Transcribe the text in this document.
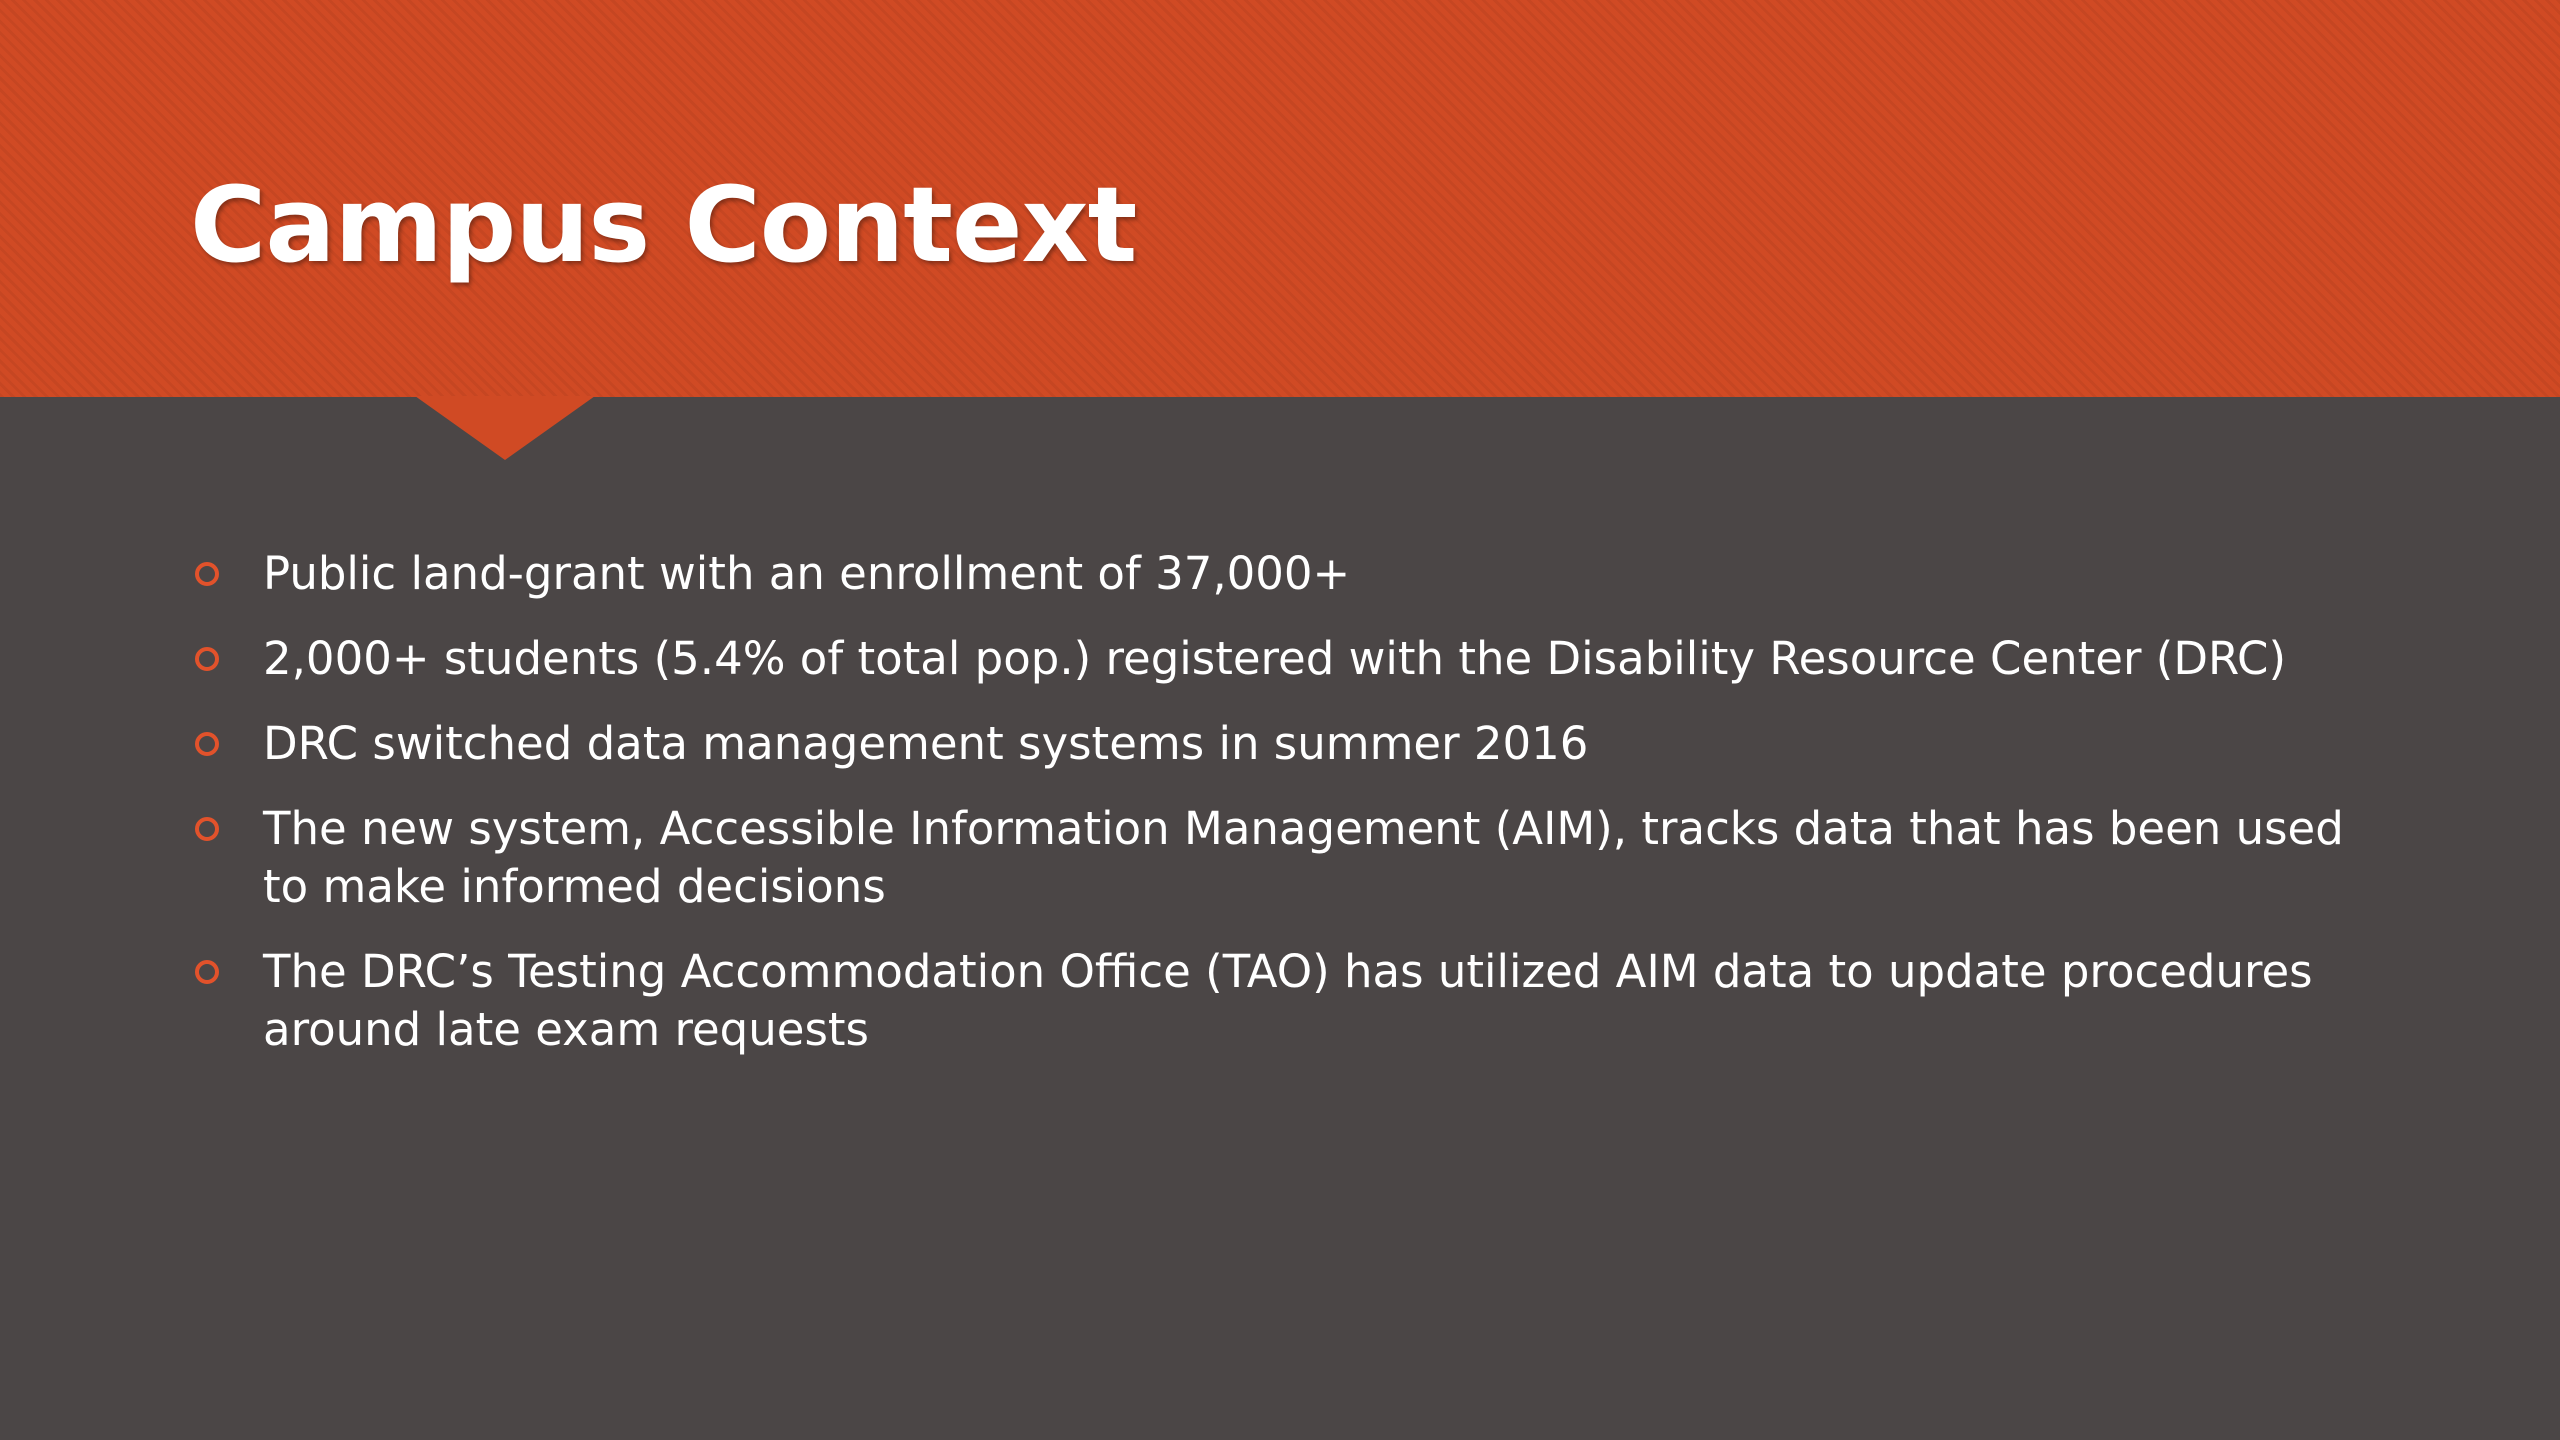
Campus Context
Public land-grant with an enrollment of 37,000+
2,000+ students (5.4% of total pop.) registered with the Disability Resource Center (DRC)
DRC switched data management systems in summer 2016
The new system, Accessible Information Management (AIM), tracks data that has been used to make informed decisions
The DRC’s Testing Accommodation Office (TAO) has utilized AIM data to update procedures around late exam requests
